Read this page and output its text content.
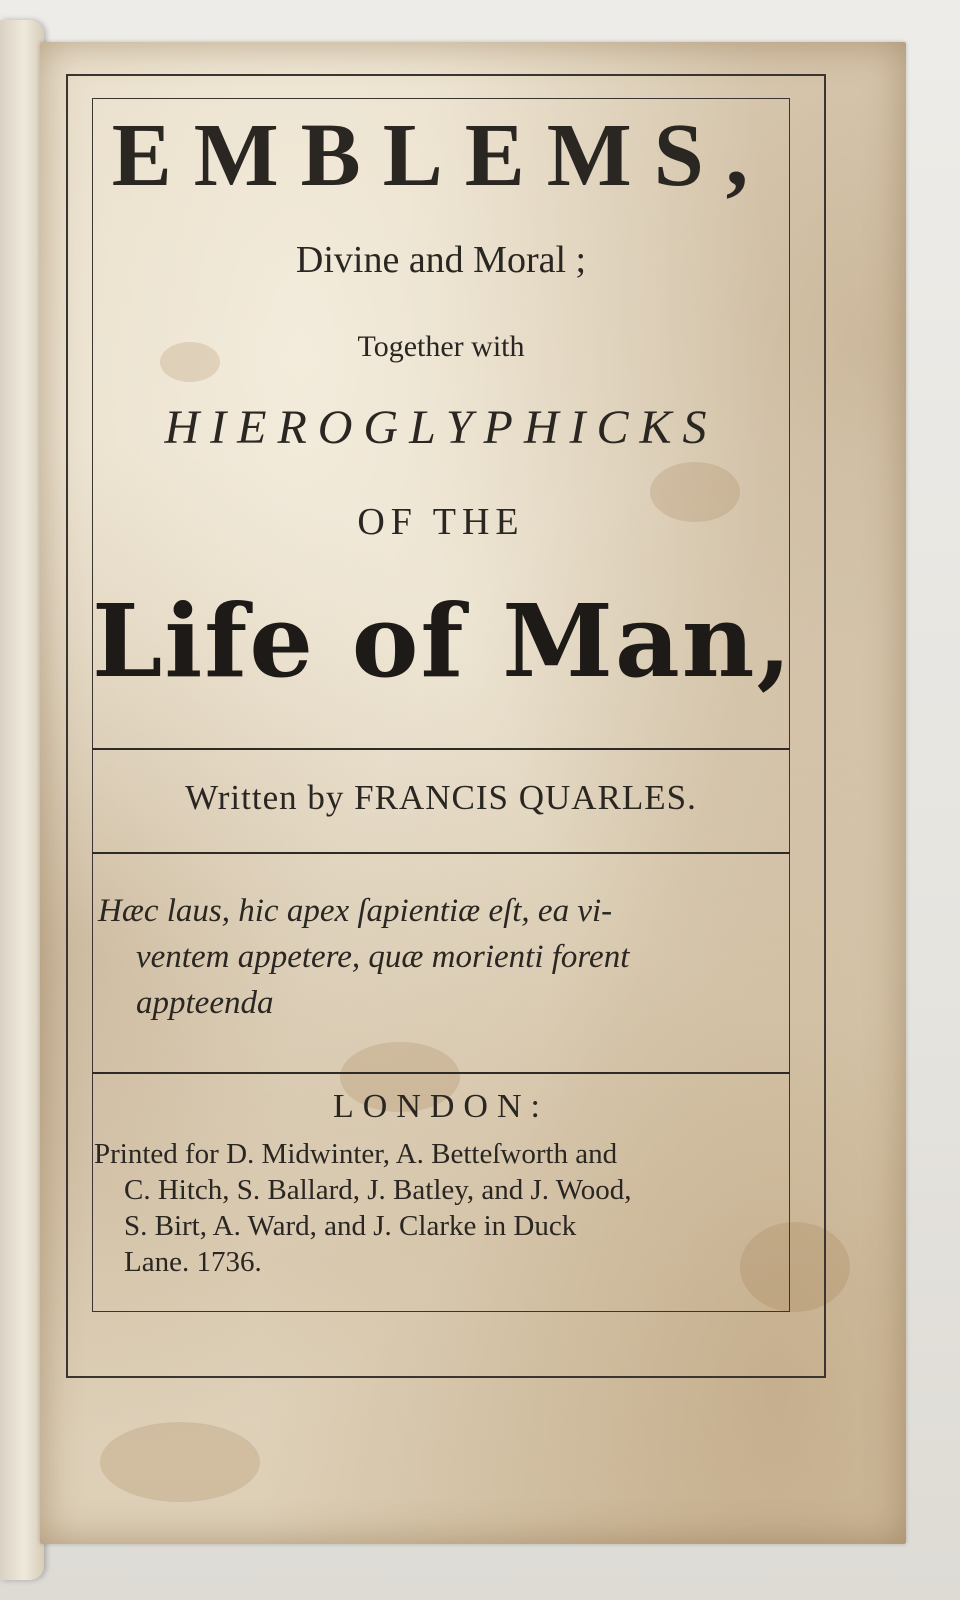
EMBLEMS,
Divine and Moral ;
Together with
HIEROGLYPHICKS
OF THE
Life of Man,
Written by FRANCIS QUARLES.
Hæc laus, hic apex ſapientiæ eſt, ea vi-
ventem appetere, quæ morienti forent
appteenda
LONDON:
Printed for D. Midwinter, A. Betteſworth and
C. Hitch, S. Ballard, J. Batley, and J. Wood,
S. Birt, A. Ward, and J. Clarke in Duck
Lane. 1736.
